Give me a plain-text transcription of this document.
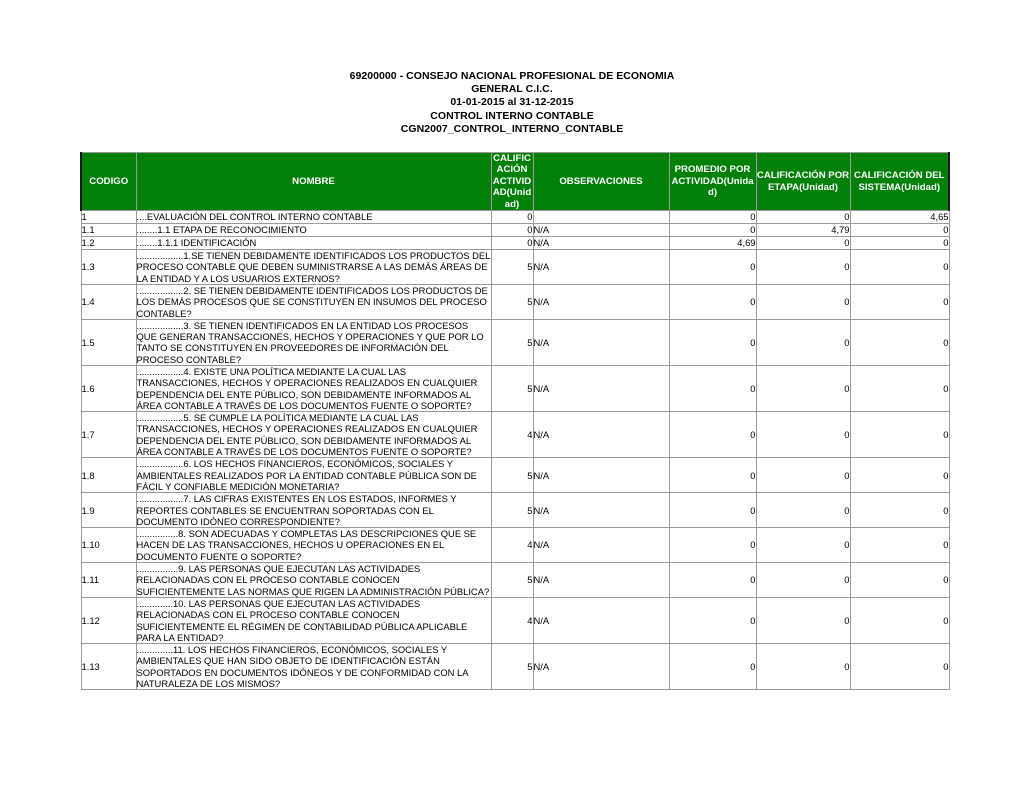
69200000 - CONSEJO NACIONAL PROFESIONAL DE ECONOMIA
GENERAL C.I.C.
01-01-2015 al 31-12-2015
CONTROL INTERNO CONTABLE
CGN2007_CONTROL_INTERNO_CONTABLE
CODIGO	NOMBRE	CALIFICACIÓN ACTIVIDAD(Unidad)	OBSERVACIONES	PROMEDIO POR ACTIVIDAD(Unidad)	CALIFICACIÓN POR ETAPA(Unidad)	CALIFICACIÓN DEL SISTEMA(Unidad)
1	....EVALUACIÓN DEL CONTROL INTERNO CONTABLE	0		0	0	4,65
1.1	........1.1 ETAPA DE RECONOCIMIENTO	0	N/A	0	4,79	0
1.2	........1.1.1 IDENTIFICACIÓN	0	N/A	4,69	0	0
1.3	..................1.SE TIENEN DEBIDAMENTE IDENTIFICADOS LOS PRODUCTOS DEL PROCESO CONTABLE QUE DEBEN SUMINISTRARSE A LAS DEMÁS ÁREAS DE LA ENTIDAD Y A LOS USUARIOS EXTERNOS?	5	N/A	0	0	0
1.4	..................2. SE TIENEN DEBIDAMENTE IDENTIFICADOS LOS PRODUCTOS DE LOS DEMÁS PROCESOS QUE SE CONSTITUYEN EN INSUMOS DEL PROCESO CONTABLE?	5	N/A	0	0	0
1.5	..................3. SE TIENEN IDENTIFICADOS EN LA ENTIDAD LOS PROCESOS QUE GENERAN TRANSACCIONES, HECHOS Y OPERACIONES Y QUE POR LO TANTO SE CONSTITUYEN EN PROVEEDORES DE INFORMACIÓN DEL PROCESO CONTABLE?	5	N/A	0	0	0
1.6	..................4. EXISTE UNA POLÍTICA MEDIANTE LA CUAL LAS TRANSACCIONES, HECHOS Y OPERACIONES REALIZADOS EN CUALQUIER DEPENDENCIA DEL ENTE PÚBLICO, SON DEBIDAMENTE INFORMADOS AL ÁREA CONTABLE A TRAVÉS DE LOS DOCUMENTOS FUENTE O SOPORTE?	5	N/A	0	0	0
1.7	..................5. SE CUMPLE LA POLÍTICA MEDIANTE LA CUAL LAS TRANSACCIONES, HECHOS Y OPERACIONES REALIZADOS EN CUALQUIER DEPENDENCIA DEL ENTE PÚBLICO, SON DEBIDAMENTE INFORMADOS AL ÁREA CONTABLE A TRAVÉS DE LOS DOCUMENTOS FUENTE O SOPORTE?	4	N/A	0	0	0
1.8	..................6. LOS HECHOS FINANCIEROS, ECONÓMICOS, SOCIALES Y AMBIENTALES REALIZADOS POR LA ENTIDAD CONTABLE PÚBLICA SON DE FÁCIL Y CONFIABLE MEDICIÓN MONETARIA?	5	N/A	0	0	0
1.9	..................7. LAS CIFRAS EXISTENTES EN LOS ESTADOS, INFORMES Y REPORTES CONTABLES SE ENCUENTRAN SOPORTADAS CON EL DOCUMENTO IDÓNEO CORRESPONDIENTE?	5	N/A	0	0	0
1.10	................8. SON ADECUADAS Y COMPLETAS LAS DESCRIPCIONES QUE SE HACEN DE LAS TRANSACCIONES, HECHOS U OPERACIONES EN EL DOCUMENTO FUENTE O SOPORTE?	4	N/A	0	0	0
1.11	................9. LAS PERSONAS QUE EJECUTAN LAS ACTIVIDADES RELACIONADAS CON EL PROCESO CONTABLE CONOCEN SUFICIENTEMENTE LAS NORMAS QUE RIGEN LA ADMINISTRACIÓN PÚBLICA?	5	N/A	0	0	0
1.12	..............10. LAS PERSONAS QUE EJECUTAN LAS ACTIVIDADES RELACIONADAS CON EL PROCESO CONTABLE CONOCEN SUFICIENTEMENTE EL RÉGIMEN DE CONTABILIDAD PÚBLICA APLICABLE PARA LA ENTIDAD?	4	N/A	0	0	0
1.13	..............11. LOS HECHOS FINANCIEROS, ECONÓMICOS, SOCIALES Y AMBIENTALES QUE HAN SIDO OBJETO DE IDENTIFICACIÓN ESTÁN SOPORTADOS EN DOCUMENTOS IDÓNEOS Y DE CONFORMIDAD CON LA NATURALEZA DE LOS MISMOS?	5	N/A	0	0	0
